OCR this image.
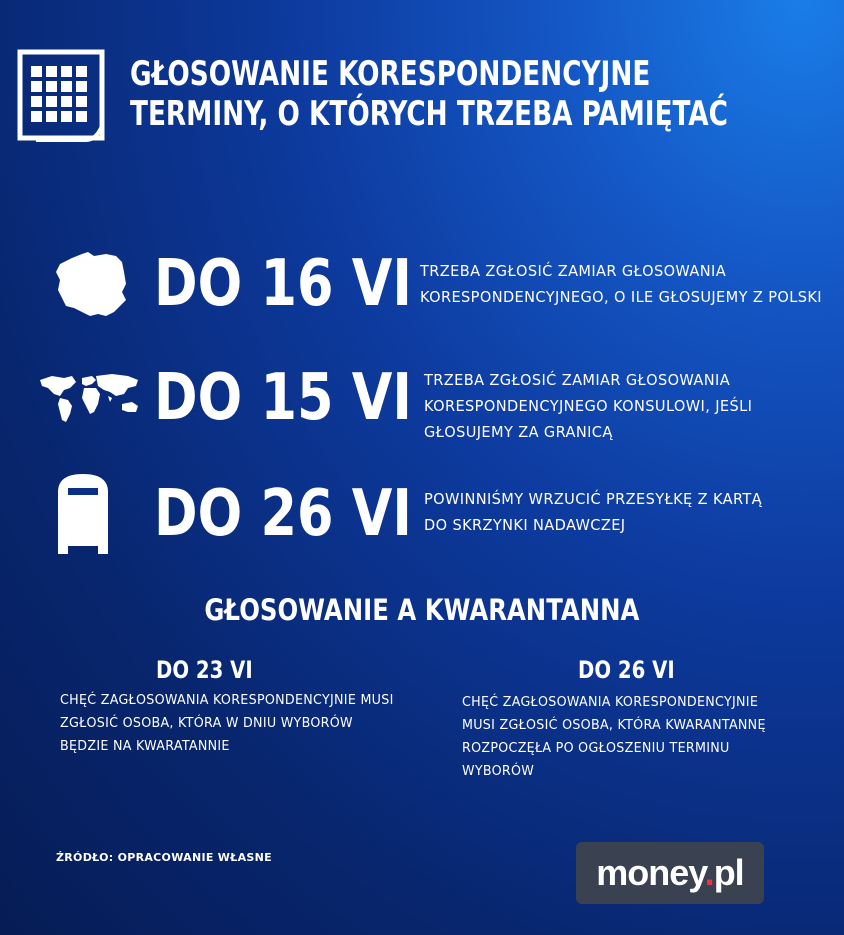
GŁOSOWANIE KORESPONDENCYJNE
TERMINY, O KTÓRYCH TRZEBA PAMIĘTAĆ
DO 16 VI TRZEBA ZGŁOSIĆ ZAMIAR GŁOSOWANIA
KORESPONDENCYJNEGO, O ILE GŁOSUJEMY Z POLSKI
DO 15 VI TRZEBA ZGŁOSIĆ ZAMIAR GŁOSOWANIA
KORESPONDENCYJNEGO KONSULOWI, JEŚLI
GŁOSUJEMY ZA GRANICĄ
DO 26 VI POWINNIŚMY WRZUCIĆ PRZESYŁKĘ Z KARTĄ
DO SKRZYNKI NADAWCZEJ
GŁOSOWANIE A KWARANTANNA
DO 23 VI
CHĘĆ ZAGŁOSOWANIA KORESPONDENCYJNIE MUSI
ZGŁOSIĆ OSOBA, KTÓRA W DNIU WYBORÓW
BĘDZIE NA KWARATANNIE
DO 26 VI
CHĘĆ ZAGŁOSOWANIA KORESPONDENCYJNIE
MUSI ZGŁOSIĆ OSOBA, KTÓRA KWARANTANNĘ
ROZPOCZĘŁA PO OGŁOSZENIU TERMINU
WYBORÓW
ŹRÓDŁO: OPRACOWANIE WŁASNE	money.pl
